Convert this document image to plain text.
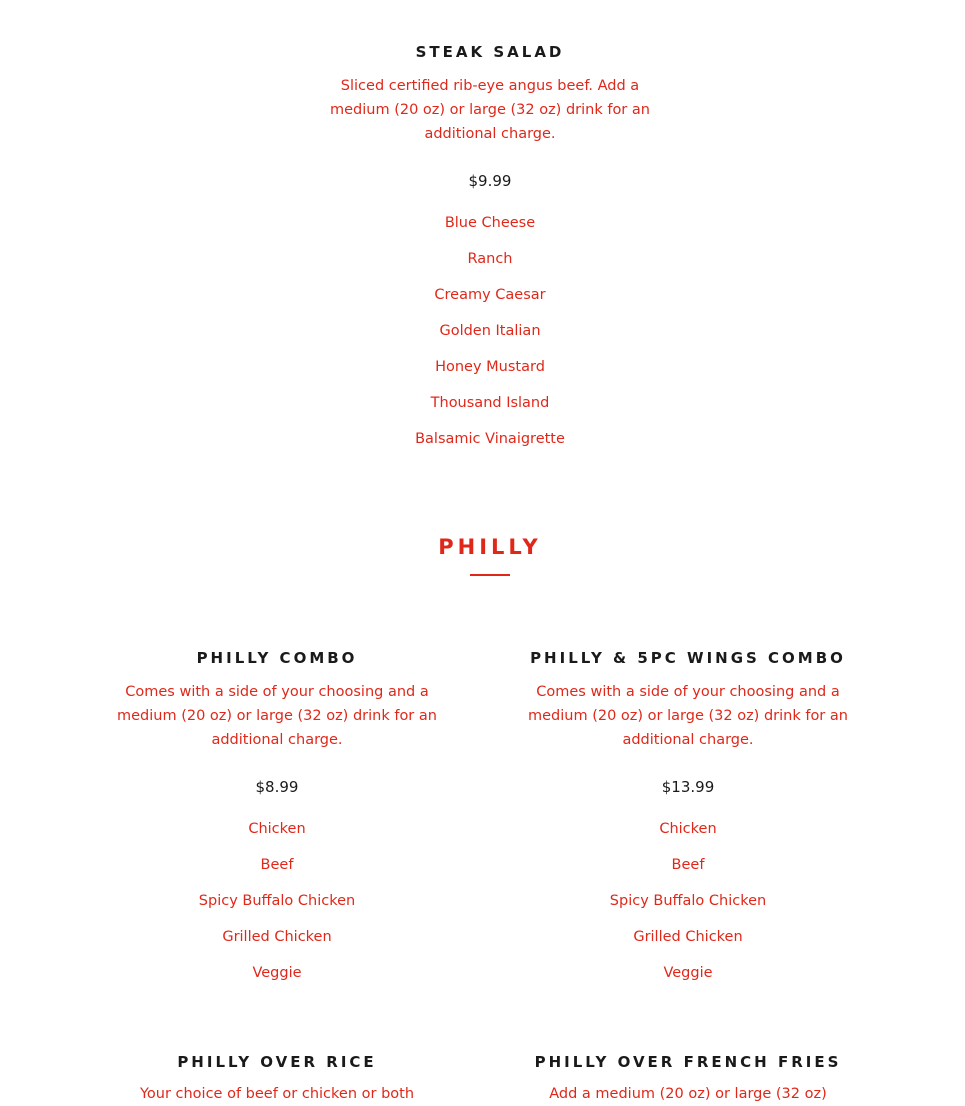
STEAK SALAD

Sliced certified rib-eye angus beef. Add a medium (20 oz) or large (32 oz) drink for an additional charge.

$9.99
Blue Cheese
Ranch
Creamy Caesar
Golden Italian
Honey Mustard
Thousand Island
Balsamic Vinaigrette
PHILLY
PHILLY COMBO

Comes with a side of your choosing and a medium (20 oz) or large (32 oz) drink for an additional charge.

$8.99
Chicken
Beef
Spicy Buffalo Chicken
Grilled Chicken
Veggie
PHILLY & 5PC WINGS COMBO

Comes with a side of your choosing and a medium (20 oz) or large (32 oz) drink for an additional charge.

$13.99
Chicken
Beef
Spicy Buffalo Chicken
Grilled Chicken
Veggie
PHILLY OVER RICE

Your choice of beef or chicken or both

PHILLY OVER FRENCH FRIES

Add a medium (20 oz) or large (32 oz)
